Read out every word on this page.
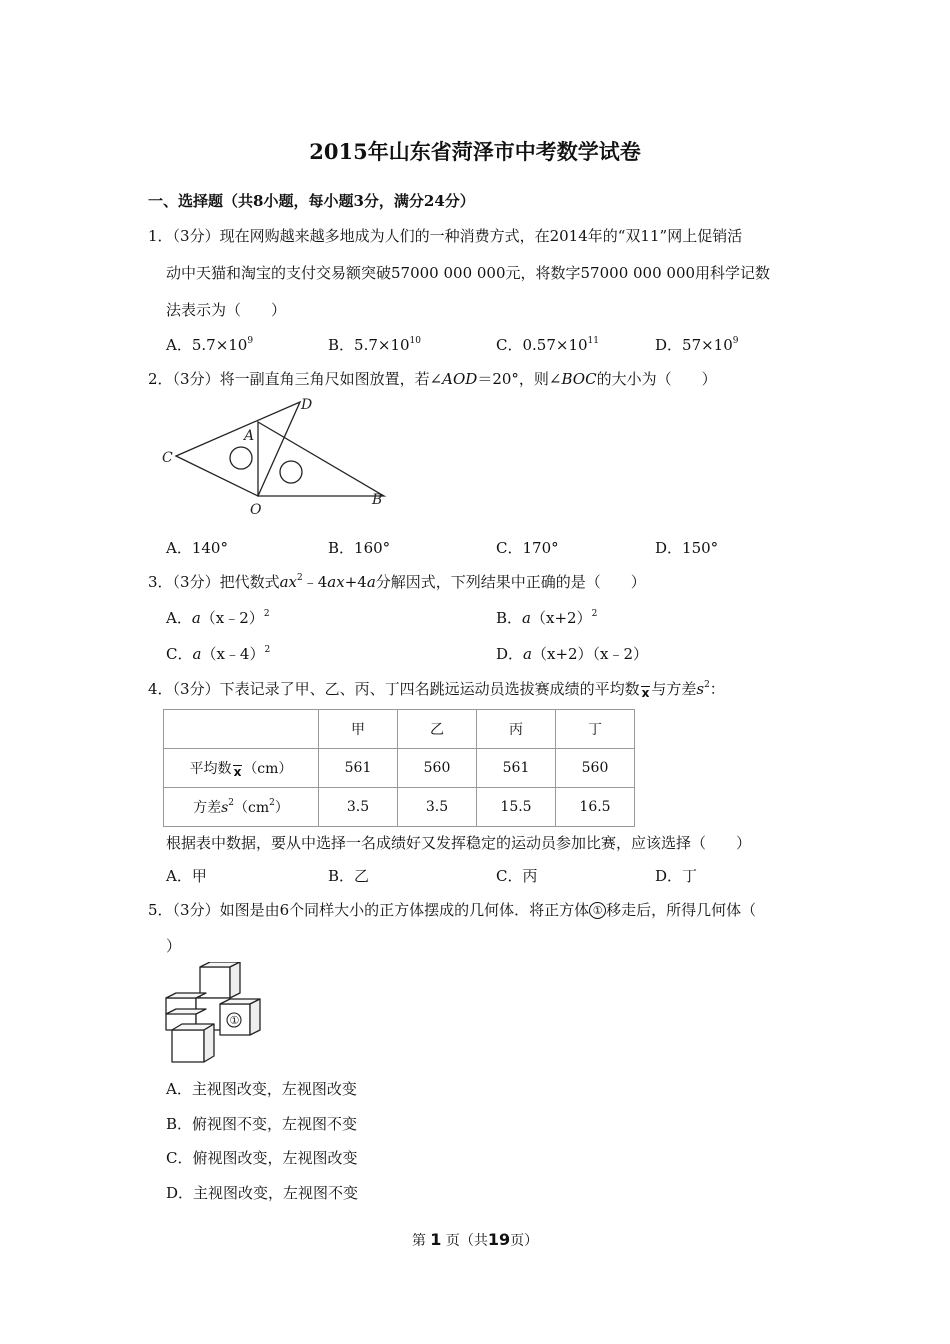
2015年山东省菏泽市中考数学试卷
一、选择题（共8小题，每小题3分，满分24分）
1．（3分）现在网购越来越多地成为人们的一种消费方式，在2014年的“双11”网上促销活
动中天猫和淘宝的支付交易额突破57000 000 000元，将数字57000 000 000用科学记数
法表示为（　　）
A．$5.7\times 10^9$	B．$5.7\times 10^{10}$	C．$0.57\times 10^{11}$	D．$57\times 10^9$
2．（3分）将一副直角三角尺如图放置，若∠AOD＝20°，则∠BOC的大小为（　　）
C
A
D
O
B
A．140°	B．160°	C．170°	D．150°
3．（3分）把代数式$ax^2﹣4ax+4a$分解因式，下列结果中正确的是（　　）
A．a（x﹣2）$^2$	B．$a(x+2)^2$
C．a（x﹣4）$^2$	D．a（x+2）（x﹣2）
4．（3分）下表记录了甲、乙、丙、丁四名跳远运动员选拔赛成绩的平均数 x 与方差$s^2$：
	甲	乙	丙	丁
平均数 x （cm）	561	560	561	560
方差$s^2(cm^2)$	3.5	3.5	15.5	16.5
根据表中数据，要从中选择一名成绩好又发挥稳定的运动员参加比赛，应该选择（　　）
A．甲	B．乙	C．丙	D．丁
5．（3分）如图是由6个同样大小的正方体摆成的几何体．将正方体 ① 移走后，所得几何体（
）
①
A．主视图改变，左视图改变
B．俯视图不变，左视图不变
C．俯视图改变，左视图改变
D．主视图改变，左视图不变
第 1 页（共19页）
